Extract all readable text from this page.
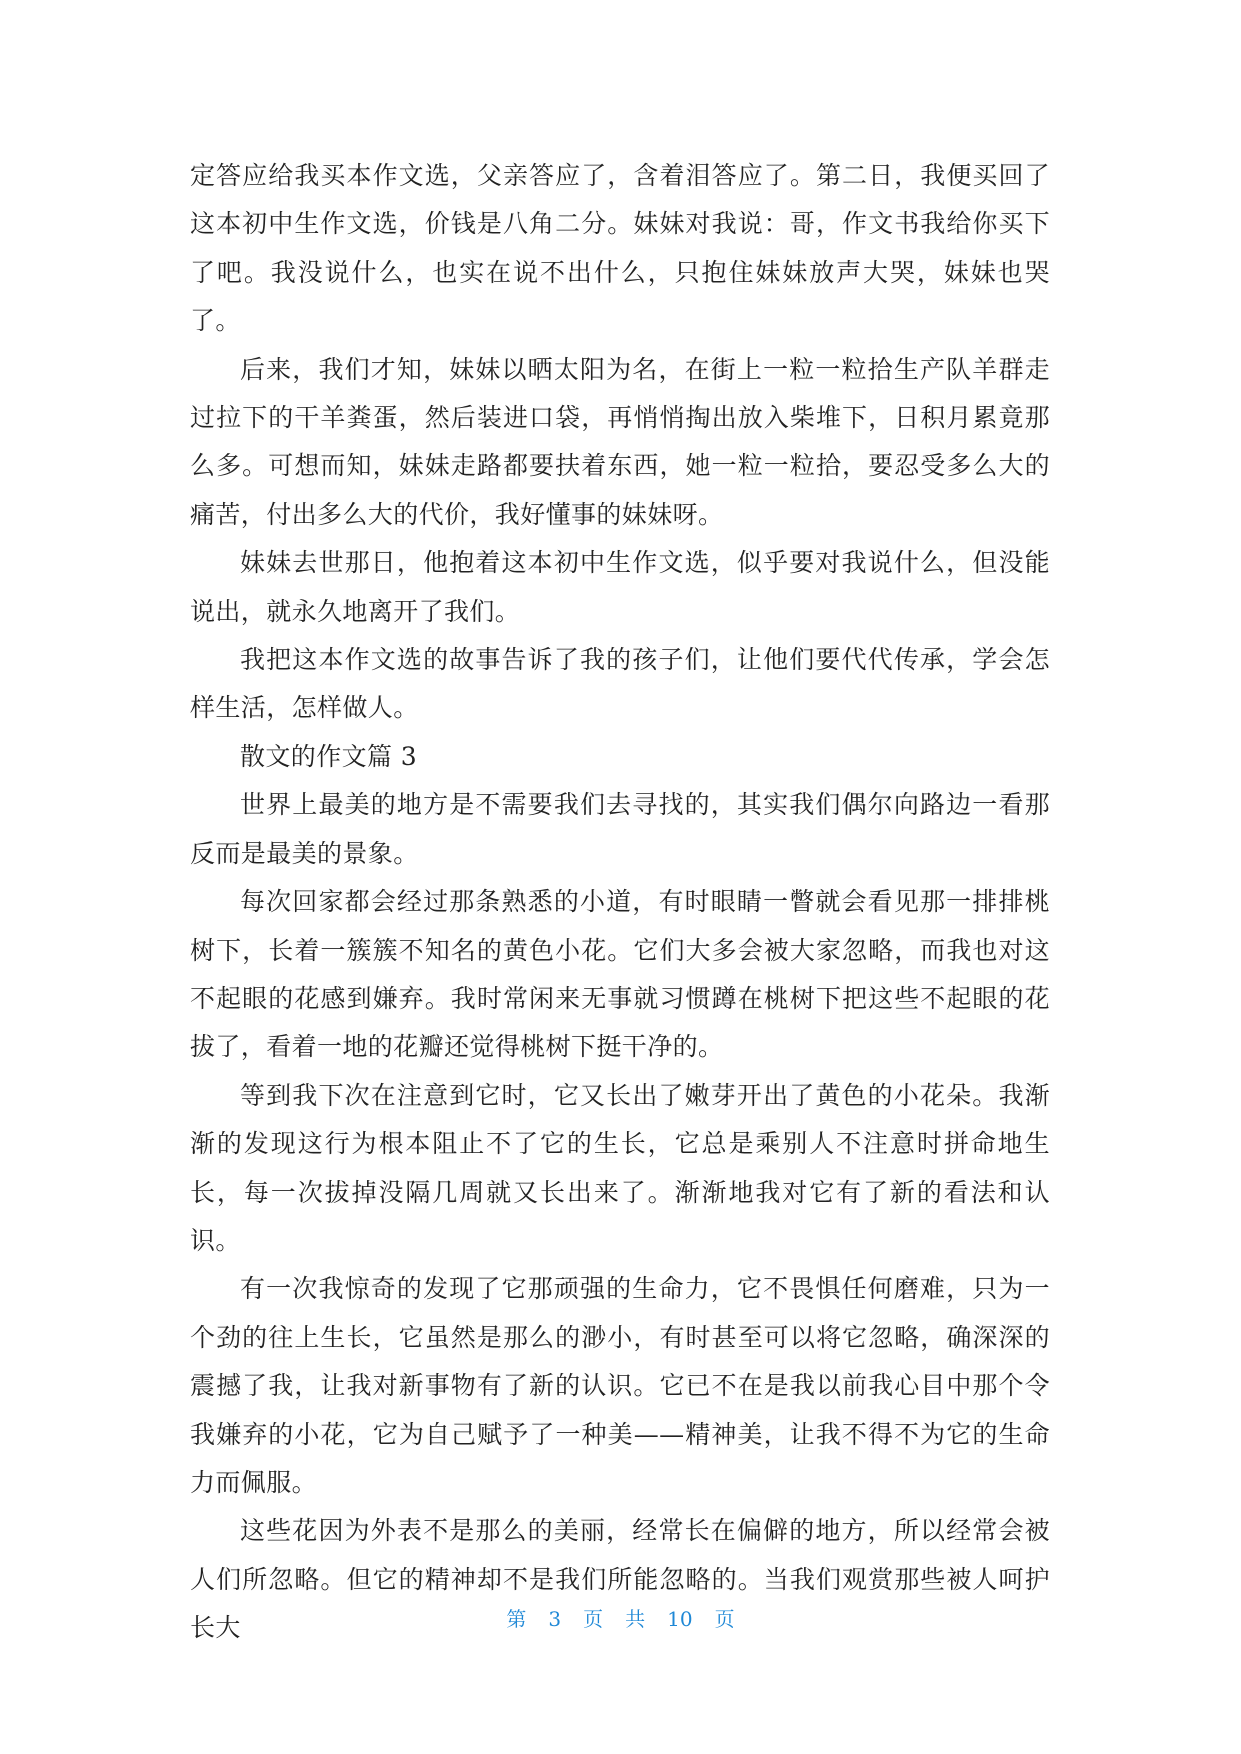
定答应给我买本作文选，父亲答应了，含着泪答应了。第二日，我便买回了这本初中生作文选，价钱是八角二分。妹妹对我说：哥，作文书我给你买下了吧。我没说什么，也实在说不出什么，只抱住妹妹放声大哭，妹妹也哭了。

后来，我们才知，妹妹以晒太阳为名，在街上一粒一粒拾生产队羊群走过拉下的干羊粪蛋，然后装进口袋，再悄悄掏出放入柴堆下，日积月累竟那么多。可想而知，妹妹走路都要扶着东西，她一粒一粒拾，要忍受多么大的痛苦，付出多么大的代价，我好懂事的妹妹呀。

妹妹去世那日，他抱着这本初中生作文选，似乎要对我说什么，但没能说出，就永久地离开了我们。

我把这本作文选的故事告诉了我的孩子们，让他们要代代传承，学会怎样生活，怎样做人。

散文的作文篇 3

世界上最美的地方是不需要我们去寻找的，其实我们偶尔向路边一看那反而是最美的景象。

每次回家都会经过那条熟悉的小道，有时眼睛一瞥就会看见那一排排桃树下，长着一簇簇不知名的黄色小花。它们大多会被大家忽略，而我也对这不起眼的花感到嫌弃。我时常闲来无事就习惯蹲在桃树下把这些不起眼的花拔了，看着一地的花瓣还觉得桃树下挺干净的。

等到我下次在注意到它时，它又长出了嫩芽开出了黄色的小花朵。我渐渐的发现这行为根本阻止不了它的生长，它总是乘别人不注意时拼命地生长，每一次拔掉没隔几周就又长出来了。渐渐地我对它有了新的看法和认识。

有一次我惊奇的发现了它那顽强的生命力，它不畏惧任何磨难，只为一个劲的往上生长，它虽然是那么的渺小，有时甚至可以将它忽略，确深深的震撼了我，让我对新事物有了新的认识。它已不在是我以前我心目中那个令我嫌弃的小花，它为自己赋予了一种美——精神美，让我不得不为它的生命力而佩服。

这些花因为外表不是那么的美丽，经常长在偏僻的地方，所以经常会被人们所忽略。但它的精神却不是我们所能忽略的。当我们观赏那些被人呵护长大	第 3 页共10 页
